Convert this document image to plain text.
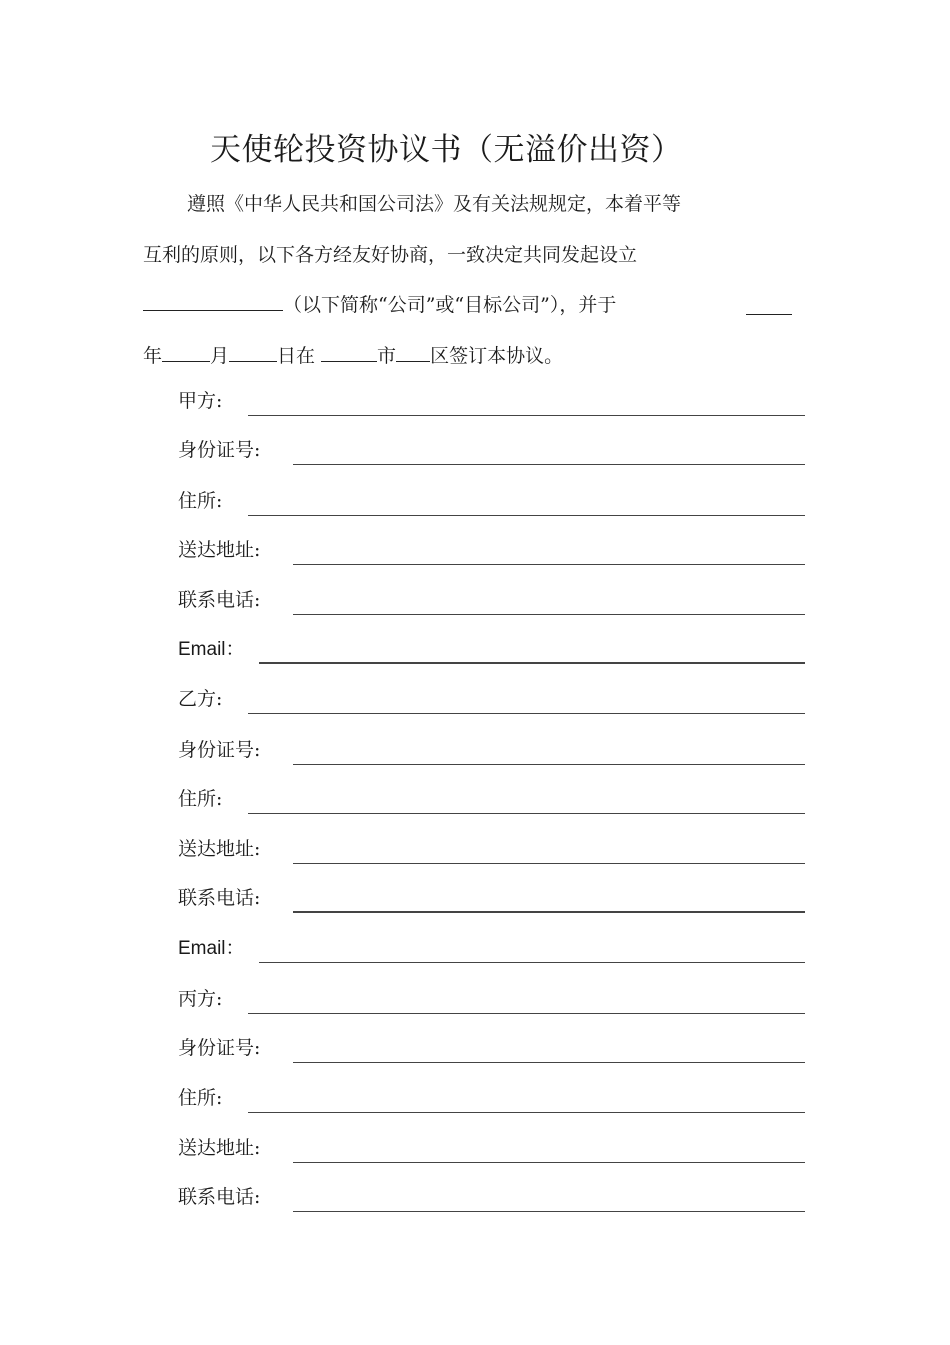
天使轮投资协议书（无溢价出资）
遵照《中华人民共和国公司法》及有关法规规定，本着平等
互利的原则，以下各方经友好协商，一致决定共同发起设立
（以下简称“公司”或“目标公司”），并于
年	月	日在	市 区签订本协议。
甲方:
身份证号:
住所:
送达地址:
联系电话:
Email：
乙方:
身份证号:
住所:
送达地址:
联系电话:
Email：
丙方:
身份证号:
住所:
送达地址:
联系电话:
